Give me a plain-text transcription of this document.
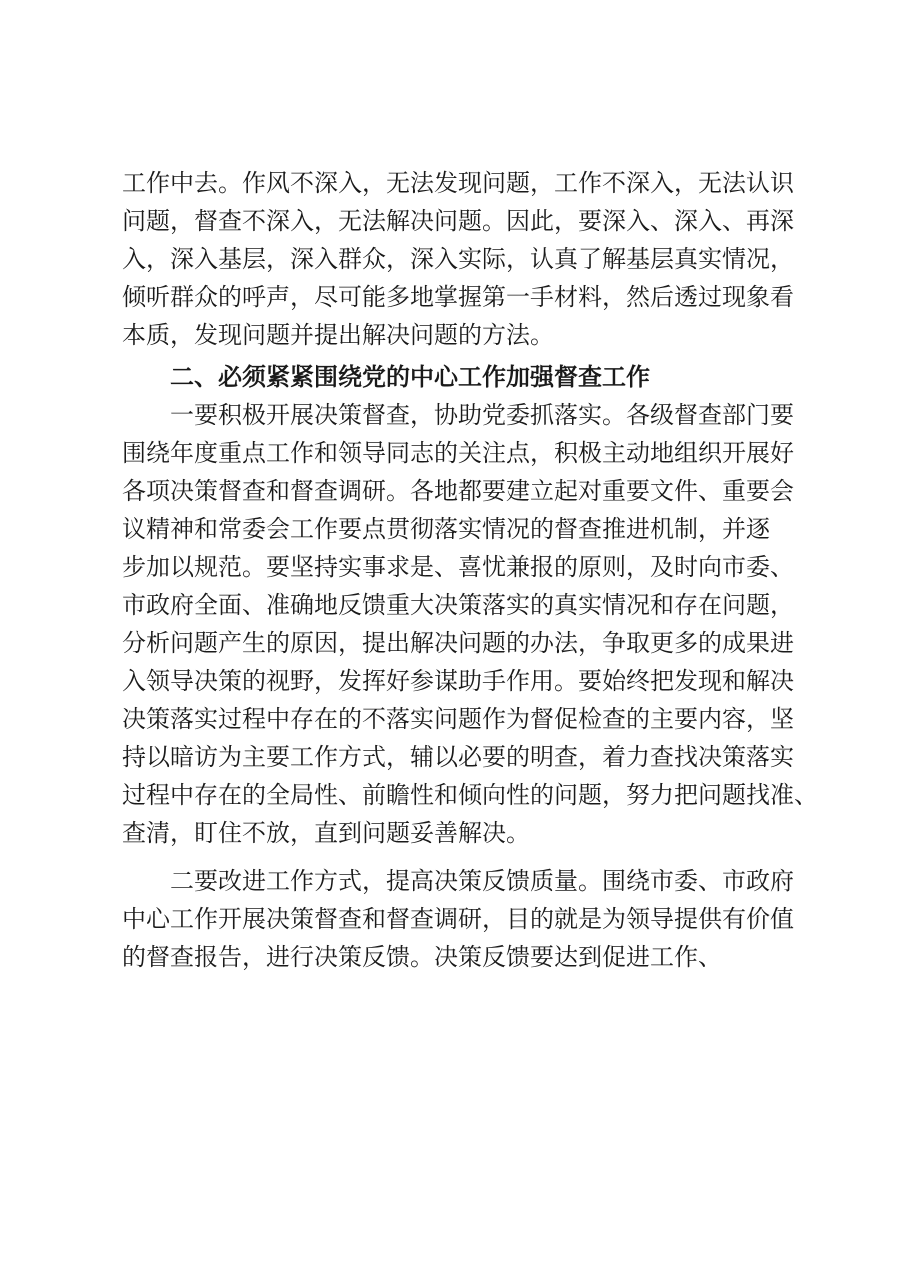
工作中去。作风不深入，无法发现问题，工作不深入，无法认识
问题，督查不深入，无法解决问题。因此，要深入、深入、再深
入，深入基层，深入群众，深入实际，认真了解基层真实情况，
倾听群众的呼声，尽可能多地掌握第一手材料，然后透过现象看
本质，发现问题并提出解决问题的方法。
二、必须紧紧围绕党的中心工作加强督查工作
一要积极开展决策督查，协助党委抓落实。各级督查部门要
围绕年度重点工作和领导同志的关注点，积极主动地组织开展好
各项决策督查和督查调研。各地都要建立起对重要文件、重要会
议精神和常委会工作要点贯彻落实情况的督查推进机制，并逐
步加以规范。要坚持实事求是、喜忧兼报的原则，及时向市委、
市政府全面、准确地反馈重大决策落实的真实情况和存在问题，
分析问题产生的原因，提出解决问题的办法，争取更多的成果进
入领导决策的视野，发挥好参谋助手作用。要始终把发现和解决
决策落实过程中存在的不落实问题作为督促检查的主要内容，坚
持以暗访为主要工作方式，辅以必要的明查，着力查找决策落实
过程中存在的全局性、前瞻性和倾向性的问题，努力把问题找准、
查清，盯住不放，直到问题妥善解决。
二要改进工作方式，提高决策反馈质量。围绕市委、市政府
中心工作开展决策督查和督查调研，目的就是为领导提供有价值
的督查报告，进行决策反馈。决策反馈要达到促进工作、
